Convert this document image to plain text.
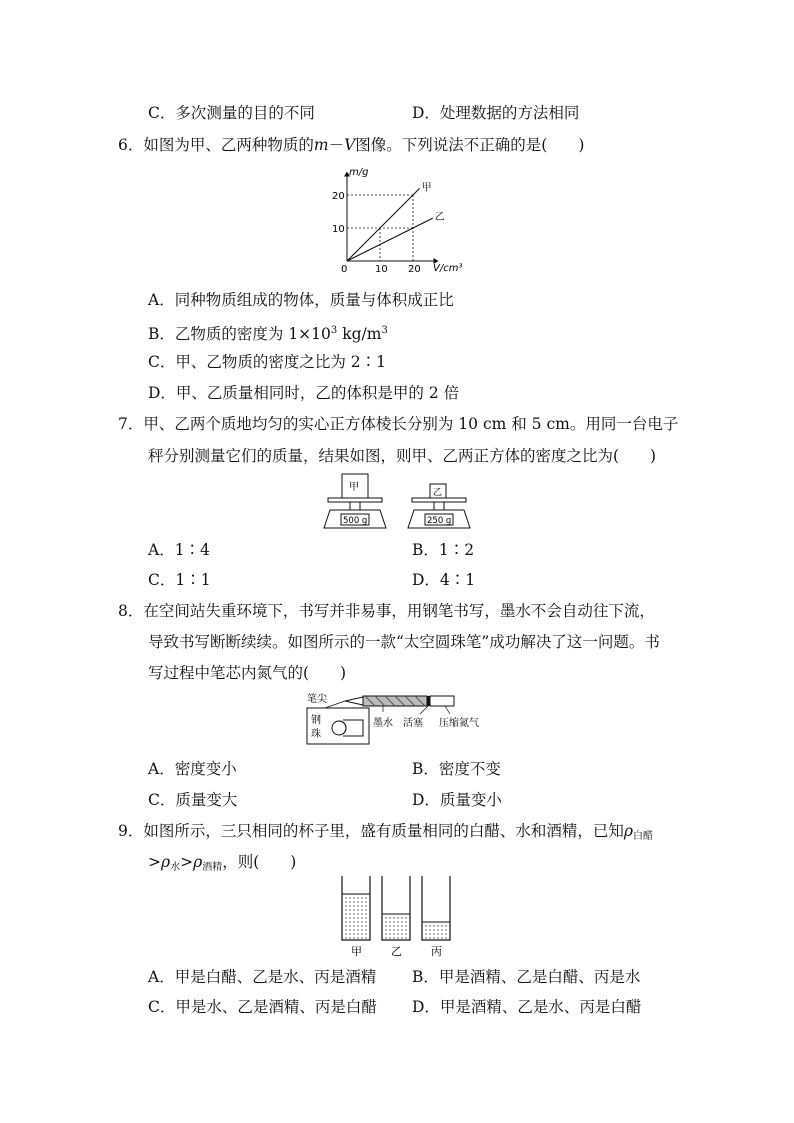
C．多次测量的目的不同	D．处理数据的方法相同
6．如图为甲、乙两种物质的m－V图像。下列说法不正确的是(　　)
m/g
V/cm³
0	10 20
10
20
甲
乙
A．同种物质组成的物体，质量与体积成正比
B．乙物质的密度为 $1\times 10^3$ $kg/m^3$
C．甲、乙物质的密度之比为 2∶1
D．甲、乙质量相同时，乙的体积是甲的 2 倍
7．甲、乙两个质地均匀的实心正方体棱长分别为 10 cm 和 5 cm。用同一台电子
秤分别测量它们的质量，结果如图，则甲、乙两正方体的密度之比为(　　)
甲
500 g
乙
250 g
A．1∶4	B．1∶2
C．1∶1	D．4∶1
8．在空间站失重环境下，书写并非易事，用钢笔书写，墨水不会自动往下流，
导致书写断断续续。如图所示的一款“太空圆珠笔”成功解决了这一问题。书
写过程中笔芯内氮气的(　　)
笔尖
钢
珠
墨水 活塞 压缩氮气
A．密度变小	B．密度不变
C．质量变大	D．质量变小
9．如图所示，三只相同的杯子里，盛有质量相同的白醋、水和酒精，已知$\rho_{白醋}$
$>\rho_水>\rho_{酒精}$，则(　　)
甲	乙	丙
A．甲是白醋、乙是水、丙是酒精 B．甲是酒精、乙是白醋、丙是水
C．甲是水、乙是酒精、丙是白醋 D．甲是酒精、乙是水、丙是白醋
